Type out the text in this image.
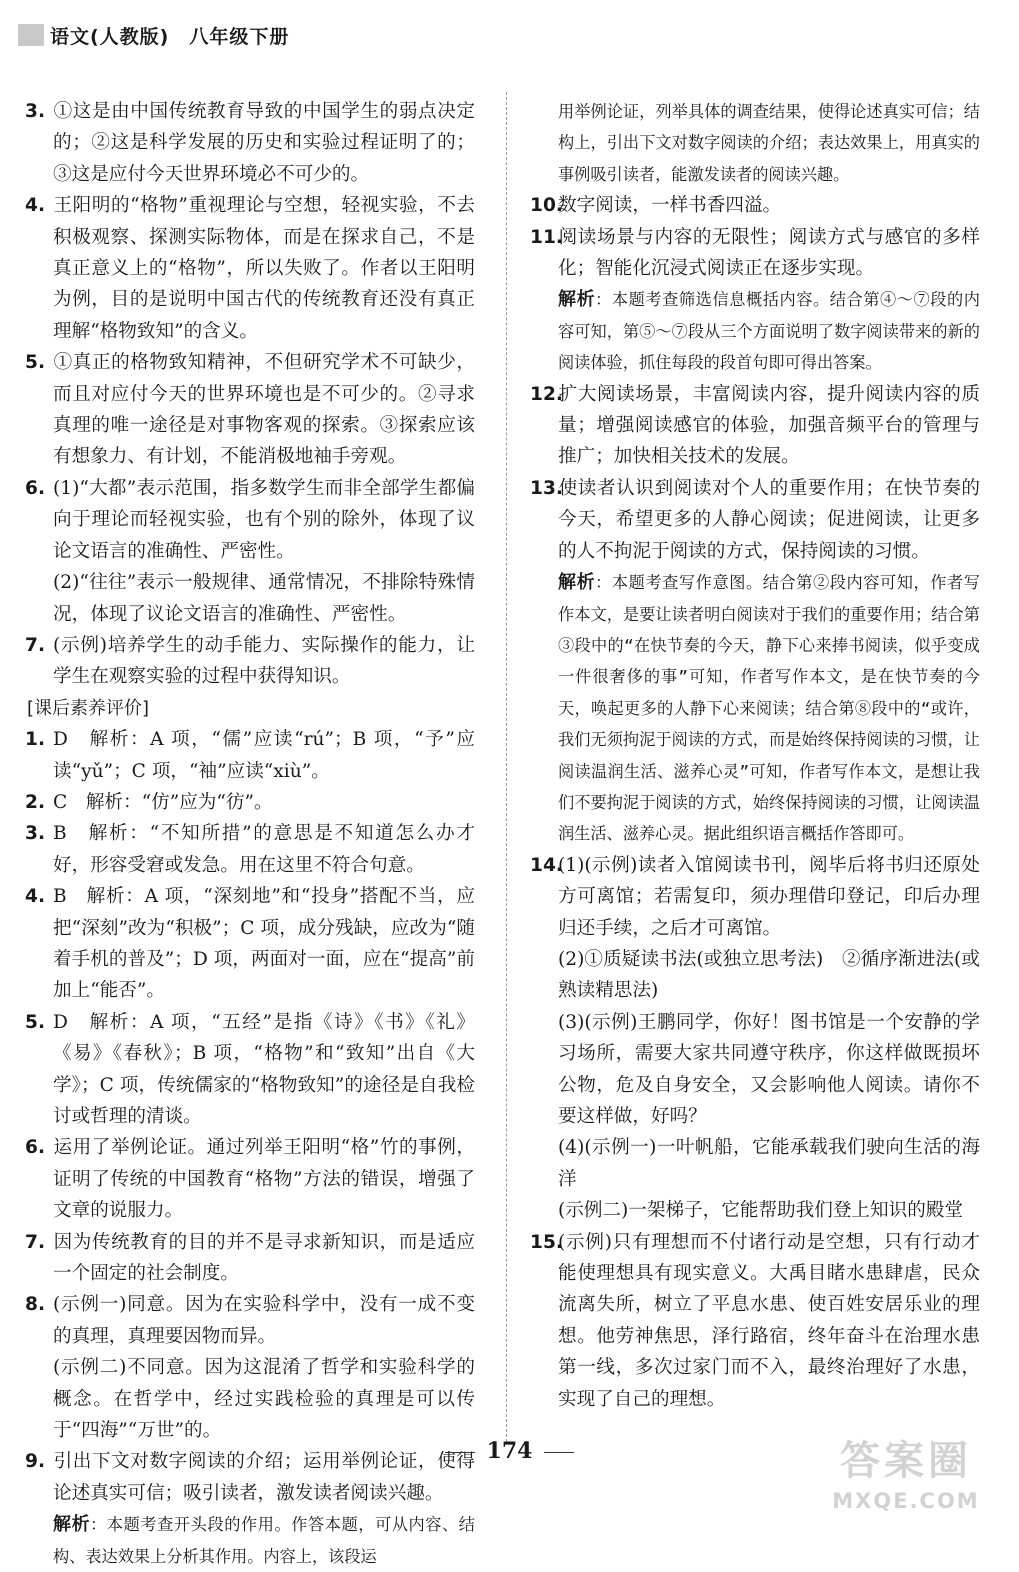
语文(人教版)　八年级下册
3. ①这是由中国传统教育导致的中国学生的弱点决定的；②这是科学发展的历史和实验过程证明了的；③这是应付今天世界环境必不可少的。
4. 王阳明的“格物”重视理论与空想，轻视实验，不去积极观察、探测实际物体，而是在探求自己，不是真正意义上的“格物”，所以失败了。作者以王阳明为例，目的是说明中国古代的传统教育还没有真正理解“格物致知”的含义。
5. ①真正的格物致知精神，不但研究学术不可缺少，而且对应付今天的世界环境也是不可少的。②寻求真理的唯一途径是对事物客观的探索。③探索应该有想象力、有计划，不能消极地袖手旁观。
6. (1)“大都”表示范围，指多数学生而非全部学生都偏向于理论而轻视实验，也有个别的除外，体现了议论文语言的准确性、严密性。
(2)“往往”表示一般规律、通常情况，不排除特殊情况，体现了议论文语言的准确性、严密性。
7. (示例)培养学生的动手能力、实际操作的能力，让学生在观察实验的过程中获得知识。
[课后素养评价]
1. D　解析：A 项，“儒”应读“rú”；B 项，“予”应读“yǔ”；C 项，“袖”应读“xiù”。
2. C　解析：“仿”应为“彷”。
3. B　解析：“不知所措”的意思是不知道怎么办才好，形容受窘或发急。用在这里不符合句意。
4. B　解析：A 项，“深刻地”和“投身”搭配不当，应把“深刻”改为“积极”；C 项，成分残缺，应改为“随着手机的普及”；D 项，两面对一面，应在“提高”前加上“能否”。
5. D　解析：A 项，“五经”是指《诗》《书》《礼》《易》《春秋》；B 项，“格物”和“致知”出自《大学》；C 项，传统儒家的“格物致知”的途径是自我检讨或哲理的清谈。
6. 运用了举例论证。通过列举王阳明“格”竹的事例，证明了传统的中国教育“格物”方法的错误，增强了文章的说服力。
7. 因为传统教育的目的并不是寻求新知识，而是适应一个固定的社会制度。
8. (示例一)同意。因为在实验科学中，没有一成不变的真理，真理要因物而异。
(示例二)不同意。因为这混淆了哲学和实验科学的概念。在哲学中，经过实践检验的真理是可以传于“四海”“万世”的。
9. 引出下文对数字阅读的介绍；运用举例论证，使得论述真实可信；吸引读者，激发读者阅读兴趣。
解析：本题考查开头段的作用。作答本题，可从内容、结构、表达效果上分析其作用。内容上，该段运
用举例论证，列举具体的调查结果，使得论述真实可信；结构上，引出下文对数字阅读的介绍；表达效果上，用真实的事例吸引读者，能激发读者的阅读兴趣。
10.数字阅读，一样书香四溢。
11.阅读场景与内容的无限性；阅读方式与感官的多样化；智能化沉浸式阅读正在逐步实现。
解析：本题考查筛选信息概括内容。结合第④～⑦段的内容可知，第⑤～⑦段从三个方面说明了数字阅读带来的新的阅读体验，抓住每段的段首句即可得出答案。
12.扩大阅读场景，丰富阅读内容，提升阅读内容的质量；增强阅读感官的体验，加强音频平台的管理与推广；加快相关技术的发展。
13.使读者认识到阅读对个人的重要作用；在快节奏的今天，希望更多的人静心阅读；促进阅读，让更多的人不拘泥于阅读的方式，保持阅读的习惯。
解析：本题考查写作意图。结合第②段内容可知，作者写作本文，是要让读者明白阅读对于我们的重要作用；结合第③段中的“在快节奏的今天，静下心来捧书阅读，似乎变成一件很奢侈的事”可知，作者写作本文，是在快节奏的今天，唤起更多的人静下心来阅读；结合第⑧段中的“或许，我们无须拘泥于阅读的方式，而是始终保持阅读的习惯，让阅读温润生活、滋养心灵”可知，作者写作本文，是想让我们不要拘泥于阅读的方式，始终保持阅读的习惯，让阅读温润生活、滋养心灵。据此组织语言概括作答即可。
14.(1)(示例)读者入馆阅读书刊，阅毕后将书归还原处方可离馆；若需复印，须办理借印登记，印后办理归还手续，之后才可离馆。
(2)①质疑读书法(或独立思考法)　②循序渐进法(或熟读精思法)
(3)(示例)王鹏同学，你好！图书馆是一个安静的学习场所，需要大家共同遵守秩序，你这样做既损坏公物，危及自身安全，又会影响他人阅读。请你不要这样做，好吗？
(4)(示例一)一叶帆船，它能承载我们驶向生活的海洋
(示例二)一架梯子，它能帮助我们登上知识的殿堂
15.(示例)只有理想而不付诸行动是空想，只有行动才能使理想具有现实意义。大禹目睹水患肆虐，民众流离失所，树立了平息水患、使百姓安居乐业的理想。他劳神焦思，泽行路宿，终年奋斗在治理水患第一线，多次过家门而不入，最终治理好了水患，实现了自己的理想。
174	答案圈
MXQE.COM
